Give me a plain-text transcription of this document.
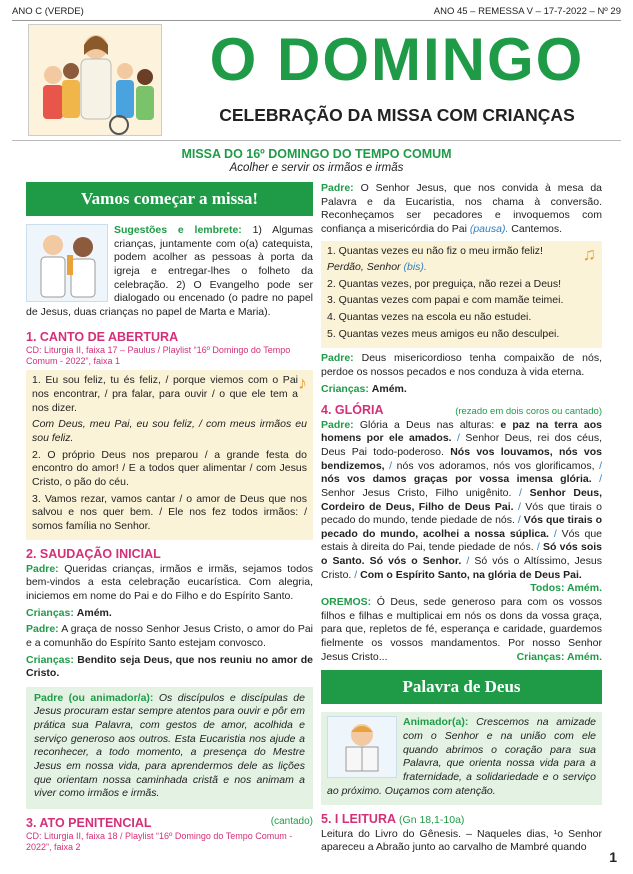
ANO C (VERDE)	ANO 45 – REMESSA V – 17-7-2022 – Nº 29
O DOMINGO
CELEBRAÇÃO DA MISSA COM CRIANÇAS
MISSA DO 16º DOMINGO DO TEMPO COMUM
Acolher e servir os irmãos e irmãs
Vamos começar a missa!

Sugestões e lembrete: 1) Algumas crianças, juntamente com o(a) catequista, podem acolher as pessoas à porta da igreja e entregar-lhes o folheto da celebração. 2) O Evangelho pode ser dialogado ou encenado (o padre no papel de Jesus, duas crianças no papel de Marta e Maria).

1. CANTO DE ABERTURA
CD: Liturgia II, faixa 17 – Paulus / Playlist “16º Domingo do Tempo Comum - 2022”, faixa 1
♪

1. Eu sou feliz, tu és feliz, / porque viemos com o Pai nos encontrar, / pra falar, para ouvir / o que ele tem a nos dizer.

Com Deus, meu Pai, eu sou feliz, / com meus irmãos eu sou feliz.

2. O próprio Deus nos preparou / a grande festa do encontro do amor! / E a todos quer alimentar / com Jesus Cristo, o pão do céu.

3. Vamos rezar, vamos cantar / o amor de Deus que nos salvou e nos quer bem. / Ele nos fez todos irmãos: / somos família no Senhor.

2. SAUDAÇÃO INICIAL

Padre: Queridas crianças, irmãos e irmãs, sejamos todos bem-vindos a esta celebração eucarística. Com alegria, iniciemos em nome do Pai e do Filho e do Espírito Santo.

Crianças: Amém.

Padre: A graça de nosso Senhor Jesus Cristo, o amor do Pai e a comunhão do Espírito Santo estejam convosco.

Crianças: Bendito seja Deus, que nos reuniu no amor de Cristo.

Padre (ou animador/a): Os discípulos e discípulas de Jesus procuram estar sempre atentos para ouvir e pôr em prática sua Palavra, com gestos de amor, acolhida e serviço generoso aos outros. Esta Eucaristia nos ajude a reconhecer, a todo momento, a presença do Mestre Jesus em nossa vida, para aprendermos dele as lições que orientam nossa caminhada cristã e nos animam a viver como irmãos e irmãs.

3. ATO PENITENCIAL	(cantado)
CD: Liturgia II, faixa 18 / Playlist “16º Domingo do Tempo Comum - 2022”, faixa 2

Padre: O Senhor Jesus, que nos convida à mesa da Palavra e da Eucaristia, nos chama à conversão. Reconheçamos ser pecadores e invoquemos com confiança a misericórdia do Pai (pausa). Cantemos.

♫

1. Quantas vezes eu não fiz o meu irmão feliz!

Perdão, Senhor (bis).

2. Quantas vezes, por preguiça, não rezei a Deus!

3. Quantas vezes com papai e com mamãe teimei.

4. Quantas vezes na escola eu não estudei.

5. Quantas vezes meus amigos eu não desculpei.

Padre: Deus misericordioso tenha compaixão de nós, perdoe os nossos pecados e nos conduza à vida eterna.

Crianças: Amém.

4. GLÓRIA	(rezado em dois coros ou cantado)

Padre: Glória a Deus nas alturas: e paz na terra aos homens por ele amados. / Senhor Deus, rei dos céus, Deus Pai todo-poderoso. Nós vos louvamos, nós vos bendizemos, / nós vos adoramos, nós vos glorificamos, / nós vos damos graças por vossa imensa glória. / Senhor Jesus Cristo, Filho unigênito. / Senhor Deus, Cordeiro de Deus, Filho de Deus Pai. / Vós que tirais o pecado do mundo, tende piedade de nós. / Vós que tirais o pecado do mundo, acolhei a nossa súplica. / Vós que estais à direita do Pai, tende piedade de nós. / Só vós sois o Santo. Só vós o Senhor. / Só vós o Altíssimo, Jesus Cristo. / Com o Espírito Santo, na glória de Deus Pai.
Todos: Amém.

OREMOS: Ó Deus, sede generoso para com os vossos filhos e filhas e multiplicai em nós os dons da vossa graça, para que, repletos de fé, esperança e caridade, guardemos fielmente os vossos mandamentos. Por nosso Senhor Jesus Cristo...	Crianças: Amém.

Palavra de Deus

Animador(a): Crescemos na amizade com o Senhor e na união com ele quando abrimos o coração para sua Palavra, que orienta nossa vida para a fraternidade, a solidariedade e o serviço ao próximo. Ouçamos com atenção.

5. I LEITURA (Gn 18,1-10a)

Leitura do Livro do Gênesis. – Naqueles dias, ¹o Senhor apareceu a Abraão junto ao carvalho de Mambré quando

1
